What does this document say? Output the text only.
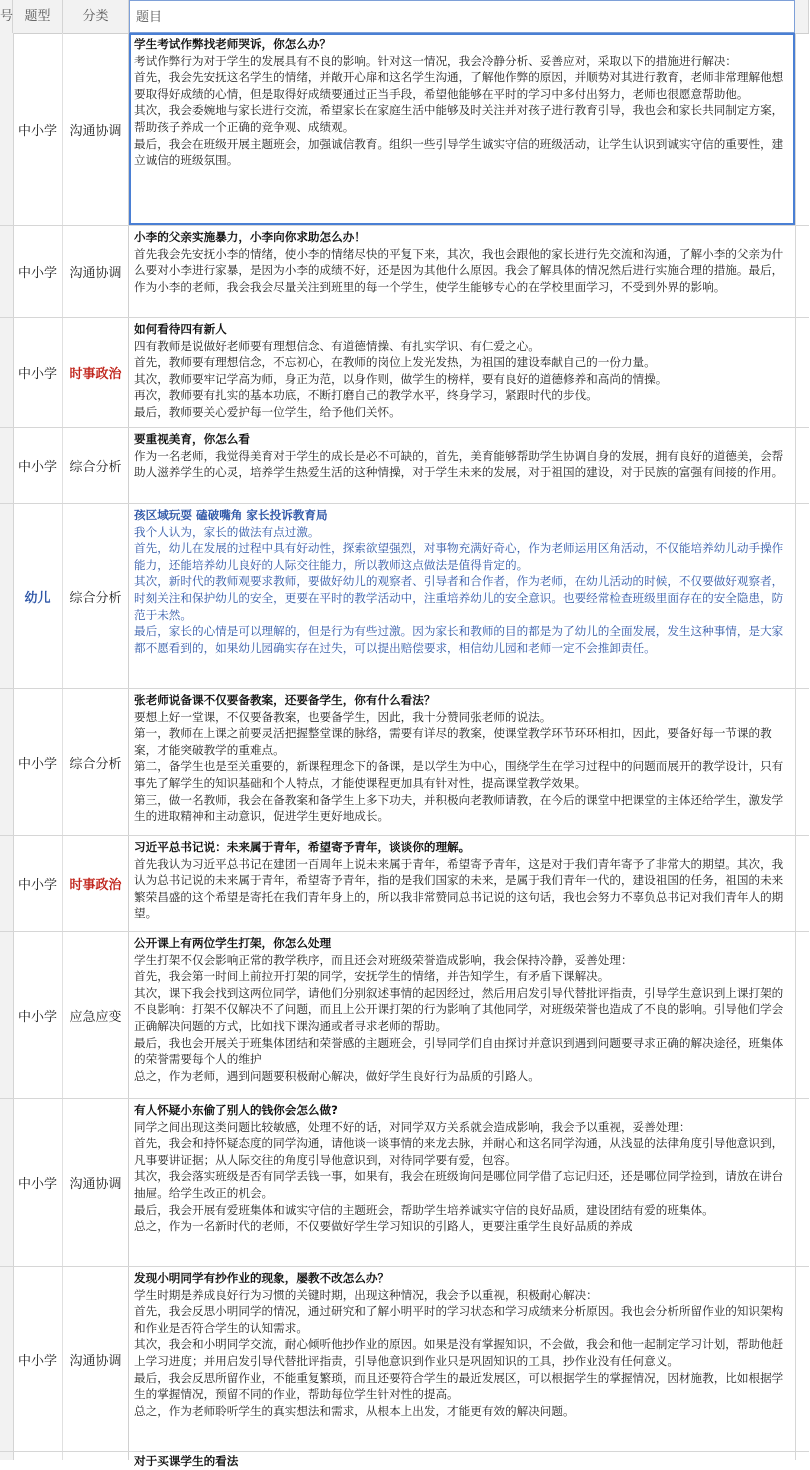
号 题型	分类	题目
中小学 沟通协调
学生考试作弊找老师哭诉，你怎么办？
考试作弊行为对于学生的发展具有不良的影响。针对这一情况，我会冷静分析、妥善应对，采取以下的措施进行解决：
首先，我会先安抚这名学生的情绪，并敞开心扉和这名学生沟通，了解他作弊的原因，并顺势对其进行教育，老师非常理解他想要取得好成绩的心情，但是取得好成绩要通过正当手段，希望他能够在平时的学习中多付出努力，老师也很愿意帮助他。
其次，我会委婉地与家长进行交流，希望家长在家庭生活中能够及时关注并对孩子进行教育引导，我也会和家长共同制定方案，帮助孩子养成一个正确的竞争观、成绩观。
最后，我会在班级开展主题班会，加强诚信教育。组织一些引导学生诚实守信的班级活动，让学生认识到诚实守信的重要性，建立诚信的班级氛围。
中小学 沟通协调
小李的父亲实施暴力，小李向你求助怎么办！
首先我会先安抚小李的情绪，使小李的情绪尽快的平复下来，其次，我也会跟他的家长进行先交流和沟通，了解小李的父亲为什么要对小李进行家暴，是因为小李的成绩不好，还是因为其他什么原因。我会了解具体的情况然后进行实施合理的措施。最后，作为小李的老师，我会我会尽量关注到班里的每一个学生，使学生能够专心的在学校里面学习，不受到外界的影响。
中小学 时事政治
如何看待四有新人
四有教师是说做好老师要有理想信念、有道德情操、有扎实学识、有仁爱之心。
首先，教师要有理想信念，不忘初心，在教师的岗位上发光发热，为祖国的建设奉献自己的一份力量。
其次，教师要牢记学高为师，身正为范，以身作则，做学生的榜样，要有良好的道德修养和高尚的情操。
再次，教师要有扎实的基本功底，不断打磨自己的教学水平，终身学习，紧跟时代的步伐。
最后，教师要关心爱护每一位学生，给予他们关怀。
中小学 综合分析
要重视美育，你怎么看
作为一名老师，我觉得美育对于学生的成长是必不可缺的，首先，美育能够帮助学生协调自身的发展，拥有良好的道德美，会帮助人滋养学生的心灵，培养学生热爱生活的这种情操，对于学生未来的发展，对于祖国的建设，对于民族的富强有间接的作用。
幼儿	综合分析
孩区域玩耍 磕破嘴角 家长投诉教育局
我个人认为，家长的做法有点过激。
首先，幼儿在发展的过程中具有好动性，探索欲望强烈，对事物充满好奇心，作为老师运用区角活动，不仅能培养幼儿动手操作能力，还能培养幼儿良好的人际交往能力，所以教师这点做法是值得肯定的。
其次，新时代的教师观要求教师，要做好幼儿的观察者、引导者和合作者，作为老师，在幼儿活动的时候，不仅要做好观察者，时刻关注和保护幼儿的安全，更要在平时的教学活动中，注重培养幼儿的安全意识。也要经常检查班级里面存在的安全隐患，防范于未然。
最后，家长的心情是可以理解的，但是行为有些过激。因为家长和教师的目的都是为了幼儿的全面发展，发生这种事情，是大家都不愿看到的，如果幼儿园确实存在过失，可以提出赔偿要求，相信幼儿园和老师一定不会推卸责任。
中小学 综合分析
张老师说备课不仅要备教案，还要备学生，你有什么看法？
要想上好一堂课，不仅要备教案，也要备学生，因此，我十分赞同张老师的说法。
第一，教师在上课之前要灵活把握整堂课的脉络，需要有详尽的教案，使课堂教学环节环环相扣，因此，要备好每一节课的教案，才能突破教学的重难点。
第二，备学生也是至关重要的，新课程理念下的备课，是以学生为中心，围绕学生在学习过程中的问题而展开的教学设计，只有事先了解学生的知识基础和个人特点，才能使课程更加具有针对性，提高课堂教学效果。
第三，做一名教师，我会在备教案和备学生上多下功夫，并积极向老教师请教，在今后的课堂中把课堂的主体还给学生，激发学生的进取精神和主动意识，促进学生更好地成长。
中小学 时事政治
习近平总书记说：未来属于青年，希望寄予青年，谈谈你的理解。
首先我认为习近平总书记在建团一百周年上说未来属于青年，希望寄予青年，这是对于我们青年寄予了非常大的期望。其次，我认为总书记说的未来属于青年，希望寄予青年，指的是我们国家的未来，是属于我们青年一代的，建设祖国的任务，祖国的未来繁荣昌盛的这个希望是寄托在我们青年身上的，所以我非常赞同总书记说的这句话，我也会努力不辜负总书记对我们青年人的期望。
中小学 应急应变
公开课上有两位学生打架，你怎么处理
学生打架不仅会影响正常的教学秩序，而且还会对班级荣誉造成影响，我会保持冷静，妥善处理：
首先，我会第一时间上前拉开打架的同学，安抚学生的情绪，并告知学生，有矛盾下课解决。
其次，课下我会找到这两位同学，请他们分别叙述事情的起因经过，然后用启发引导代替批评指责，引导学生意识到上课打架的不良影响：打架不仅解决不了问题，而且上公开课打架的行为影响了其他同学，对班级荣誉也造成了不良的影响。引导他们学会正确解决问题的方式，比如找下课沟通或者寻求老师的帮助。
最后，我也会开展关于班集体团结和荣誉感的主题班会，引导同学们自由探讨并意识到遇到问题要寻求正确的解决途径，班集体的荣誉需要每个人的维护
总之，作为老师，遇到问题要积极耐心解决，做好学生良好行为品质的引路人。
中小学 沟通协调
有人怀疑小东偷了别人的钱你会怎么做?
同学之间出现这类问题比较敏感，处理不好的话，对同学双方关系就会造成影响，我会予以重视，妥善处理：
首先，我会和持怀疑态度的同学沟通，请他谈一谈事情的来龙去脉，并耐心和这名同学沟通，从浅显的法律角度引导他意识到，凡事要讲证据；从人际交往的角度引导他意识到，对待同学要有爱，包容。
其次，我会落实班级是否有同学丢钱一事，如果有，我会在班级询问是哪位同学借了忘记归还，还是哪位同学捡到，请放在讲台抽屉。给学生改正的机会。
最后，我会开展有爱班集体和诚实守信的主题班会，帮助学生培养诚实守信的良好品质，建设团结有爱的班集体。
总之，作为一名新时代的老师，不仅要做好学生学习知识的引路人，更要注重学生良好品质的养成
中小学 沟通协调
发现小明同学有抄作业的现象，屡教不改怎么办？
学生时期是养成良好行为习惯的关键时期，出现这种情况，我会予以重视，积极耐心解决：
首先，我会反思小明同学的情况，通过研究和了解小明平时的学习状态和学习成绩来分析原因。我也会分析所留作业的知识架构和作业是否符合学生的认知需求。
其次，我会和小明同学交流，耐心倾听他抄作业的原因。如果是没有掌握知识，不会做，我会和他一起制定学习计划，帮助他赶上学习进度；并用启发引导代替批评指责，引导他意识到作业只是巩固知识的工具，抄作业没有任何意义。
最后，我会反思所留作业，不能重复繁琐，而且还要符合学生的最近发展区，可以根据学生的掌握情况，因材施教，比如根据学生的掌握情况，预留不同的作业，帮助每位学生针对性的提高。
总之，作为老师聆听学生的真实想法和需求，从根本上出发，才能更有效的解决问题。
对于买课学生的看法
